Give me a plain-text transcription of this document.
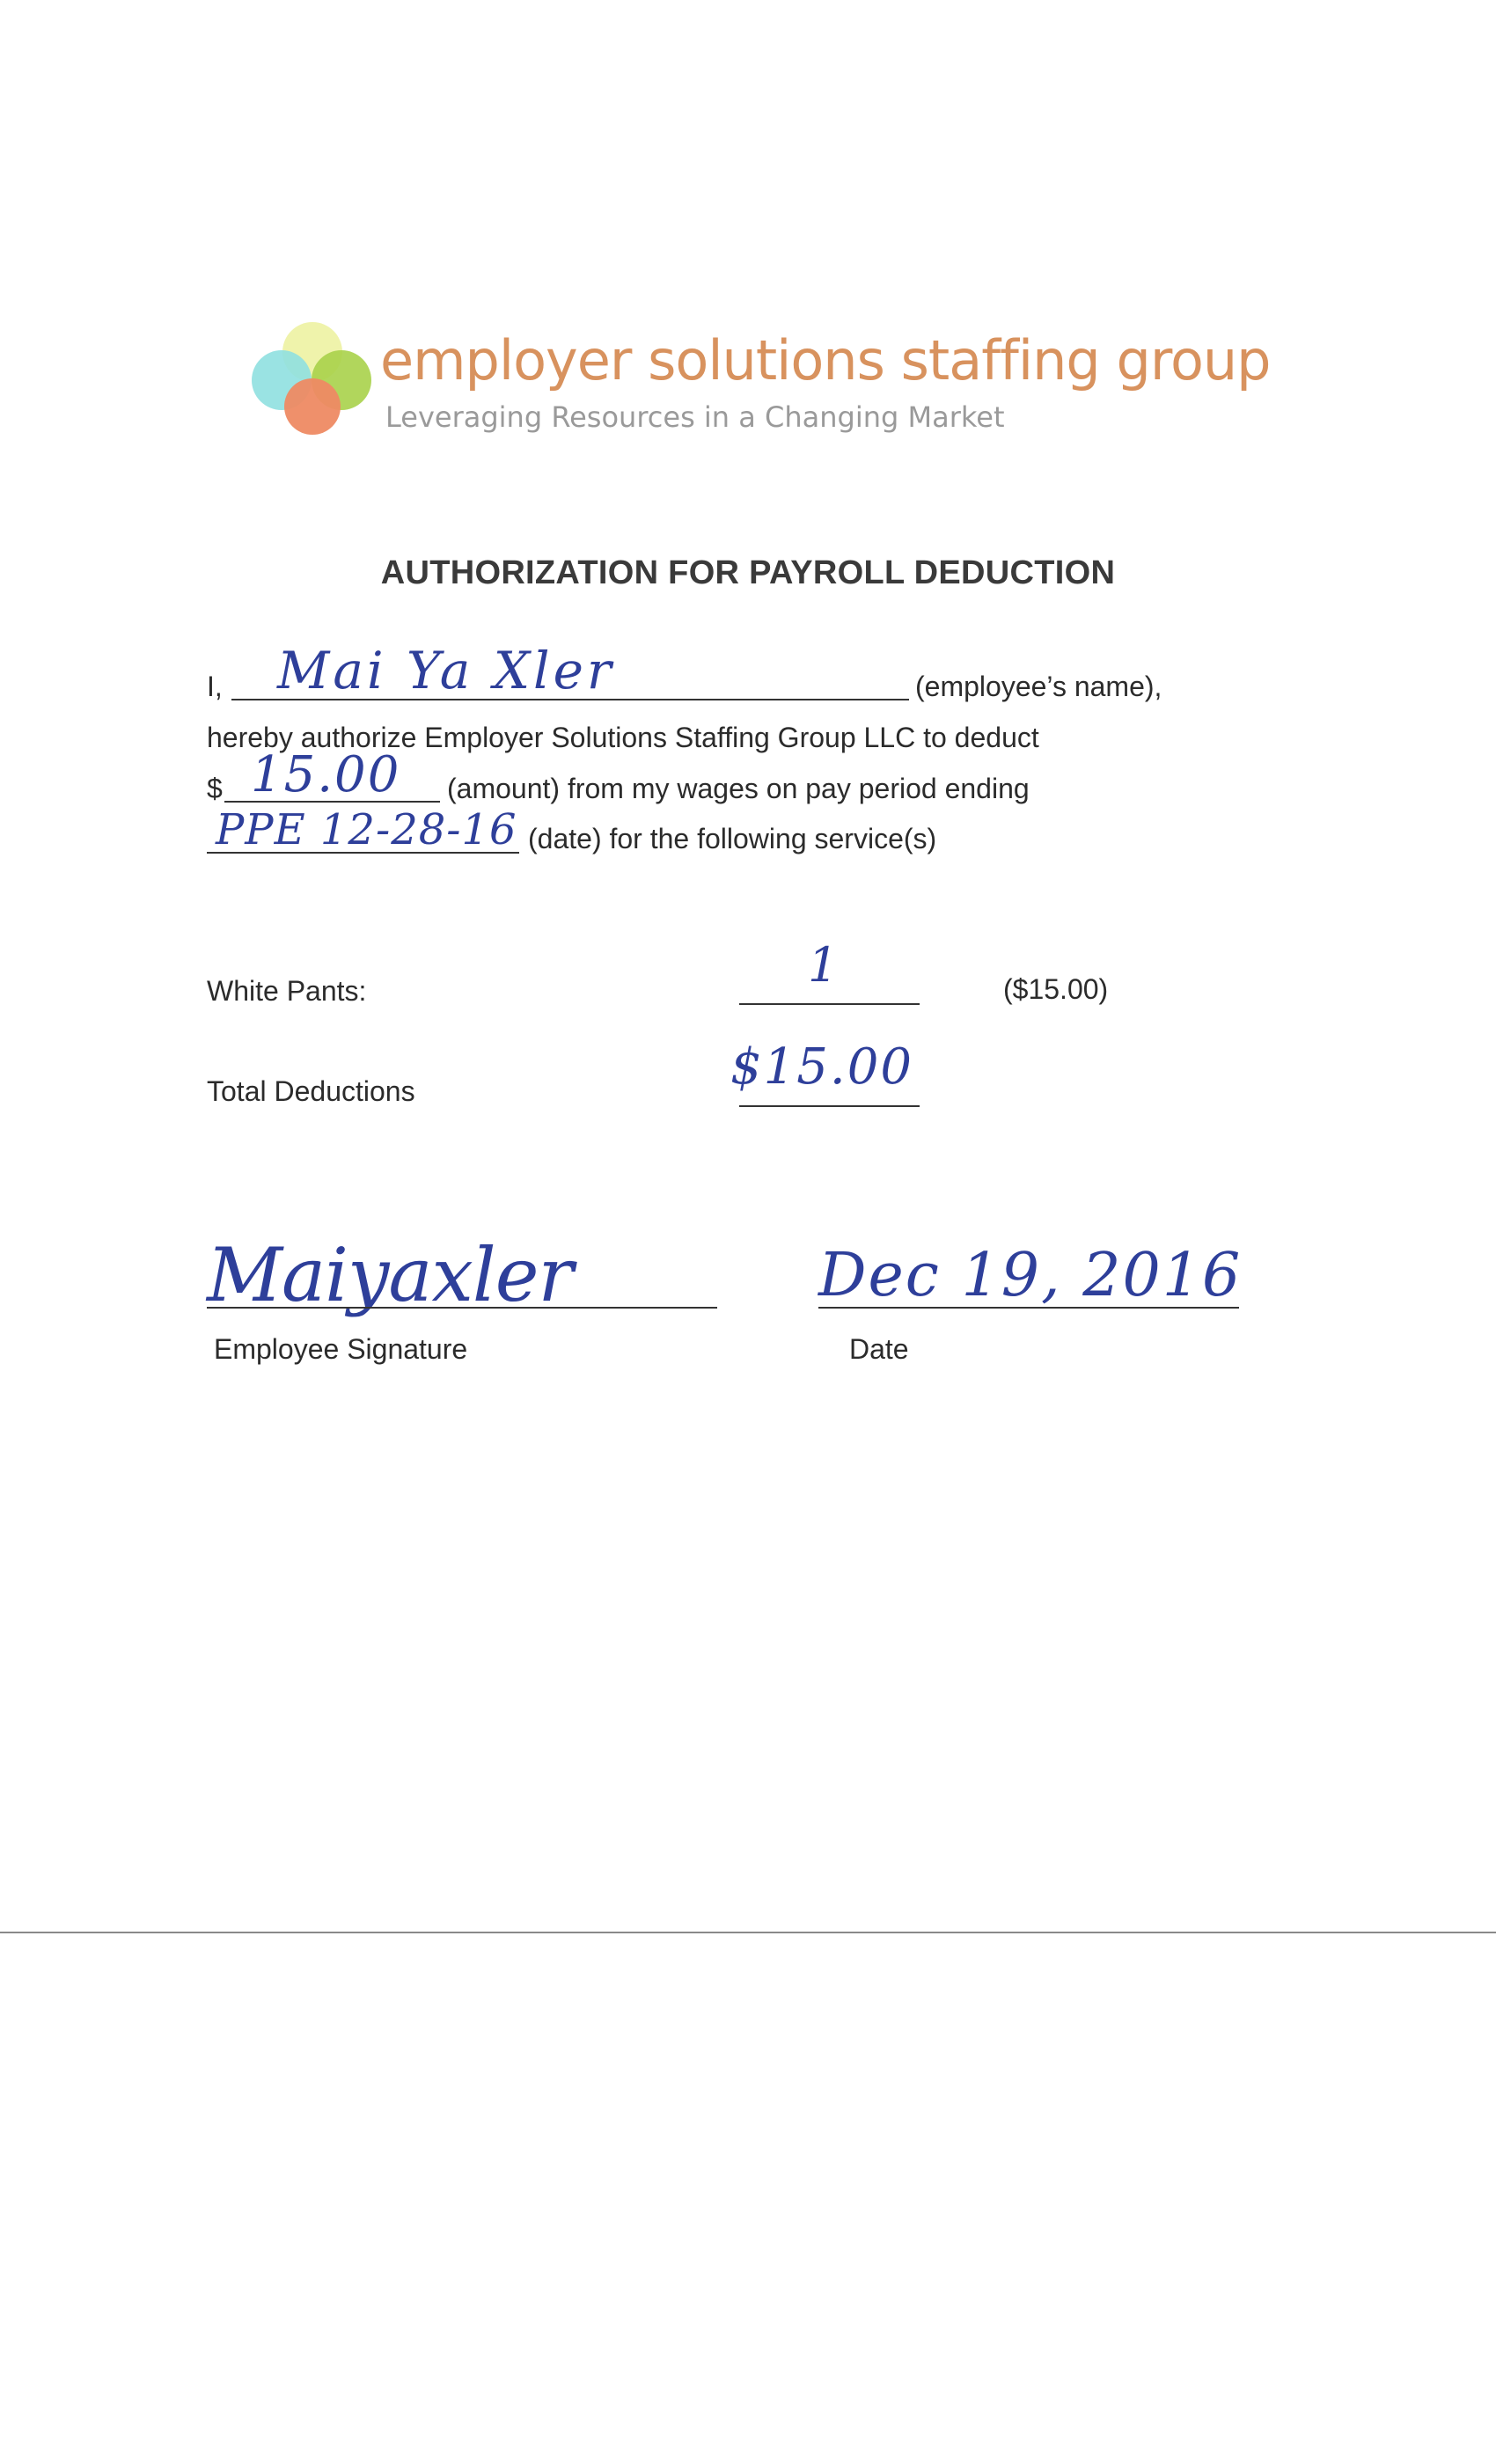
employer solutions staffing group
Leveraging Resources in a Changing Market
AUTHORIZATION FOR PAYROLL DEDUCTION
I, Mai Ya Xler	(employee’s name),
hereby authorize Employer Solutions Staffing Group LLC to deduct
$ 15.00 (amount) from my wages on pay period ending
PPE 12-28-16 (date) for the following service(s)
White Pants:	1	($15.00)
Total Deductions	$15.00
Maiyaxler
Employee Signature
Dec 19, 2016
Date
